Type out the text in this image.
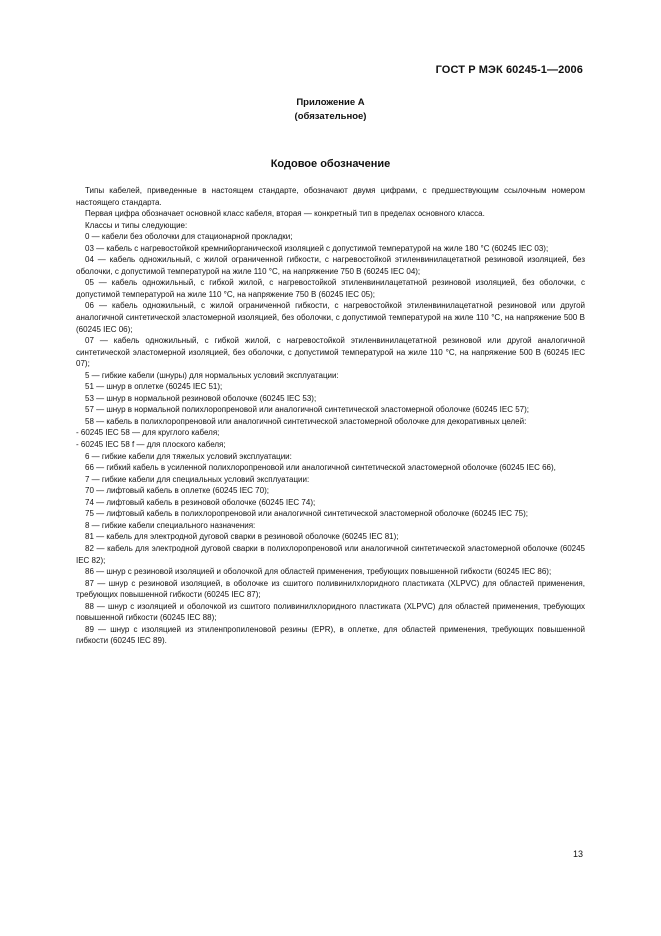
ГОСТ Р МЭК 60245-1—2006
Приложение А
(обязательное)
Кодовое обозначение

Типы кабелей, приведенные в настоящем стандарте, обозначают двумя цифрами, с предшествующим ссылочным номером настоящего стандарта.

Первая цифра обозначает основной класс кабеля, вторая — конкретный тип в пределах основного класса.

Классы и типы следующие:

0 — кабели без оболочки для стационарной прокладки;

03 — кабель с нагревостойкой кремнийорганической изоляцией с допустимой температурой на жиле 180 °С (60245 IEC 03);

04 — кабель одножильный, с жилой ограниченной гибкости, с нагревостойкой этиленвинилацетатной резиновой изоляцией, без оболочки, с допустимой температурой на жиле 110 °С, на напряжение 750 В (60245 IEC 04);

05 — кабель одножильный, с гибкой жилой, с нагревостойкой этиленвинилацетатной резиновой изоляцией, без оболочки, с допустимой температурой на жиле 110 °С, на напряжение 750 В (60245 IEC 05);

06 — кабель одножильный, с жилой ограниченной гибкости, с нагревостойкой этиленвинилацетатной резиновой или другой аналогичной синтетической эластомерной изоляцией, без оболочки, с допустимой температурой на жиле 110 °С, на напряжение 500 В (60245 IEC 06);

07 — кабель одножильный, с гибкой жилой, с нагревостойкой этиленвинилацетатной резиновой или другой аналогичной синтетической эластомерной изоляцией, без оболочки, с допустимой температурой на жиле 110 °С, на напряжение 500 В (60245 IEC 07);

5 — гибкие кабели (шнуры) для нормальных условий эксплуатации:

51 — шнур в оплетке (60245 IEC 51);

53 — шнур в нормальной резиновой оболочке (60245 IEC 53);

57 — шнур в нормальной полихлоропреновой или аналогичной синтетической эластомерной оболочке (60245 IEC 57);

58 — кабель в полихлоропреновой или аналогичной синтетической эластомерной оболочке для декоративных целей:

- 60245 IEC 58 — для круглого кабеля;

- 60245 IEC 58 f — для плоского кабеля;

6 — гибкие кабели для тяжелых условий эксплуатации:

66 — гибкий кабель в усиленной полихлоропреновой или аналогичной синтетической эластомерной оболочке (60245 IEC 66),

7 — гибкие кабели для специальных условий эксплуатации:

70 — лифтовый кабель в оплетке (60245 IEC 70);

74 — лифтовый кабель в резиновой оболочке (60245 IEC 74);

75 — лифтовый кабель в полихлоропреновой или аналогичной синтетической эластомерной оболочке (60245 IEC 75);

8 — гибкие кабели специального назначения:

81 — кабель для электродной дуговой сварки в резиновой оболочке (60245 IEC 81);

82 — кабель для электродной дуговой сварки в полихлоропреновой или аналогичной синтетической эластомерной оболочке (60245 IEC 82);

86 — шнур с резиновой изоляцией и оболочкой для областей применения, требующих повышенной гибкости (60245 IEC 86);

87 — шнур с резиновой изоляцией, в оболочке из сшитого поливинилхлоридного пластиката (XLPVC) для областей применения, требующих повышенной гибкости (60245 IEC 87);

88 — шнур с изоляцией и оболочкой из сшитого поливинилхлоридного пластиката (XLPVC) для областей применения, требующих повышенной гибкости (60245 IEC 88);

89 — шнур с изоляцией из этиленпропиленовой резины (EPR), в оплетке, для областей применения, требующих повышенной гибкости (60245 IEC 89).

13
